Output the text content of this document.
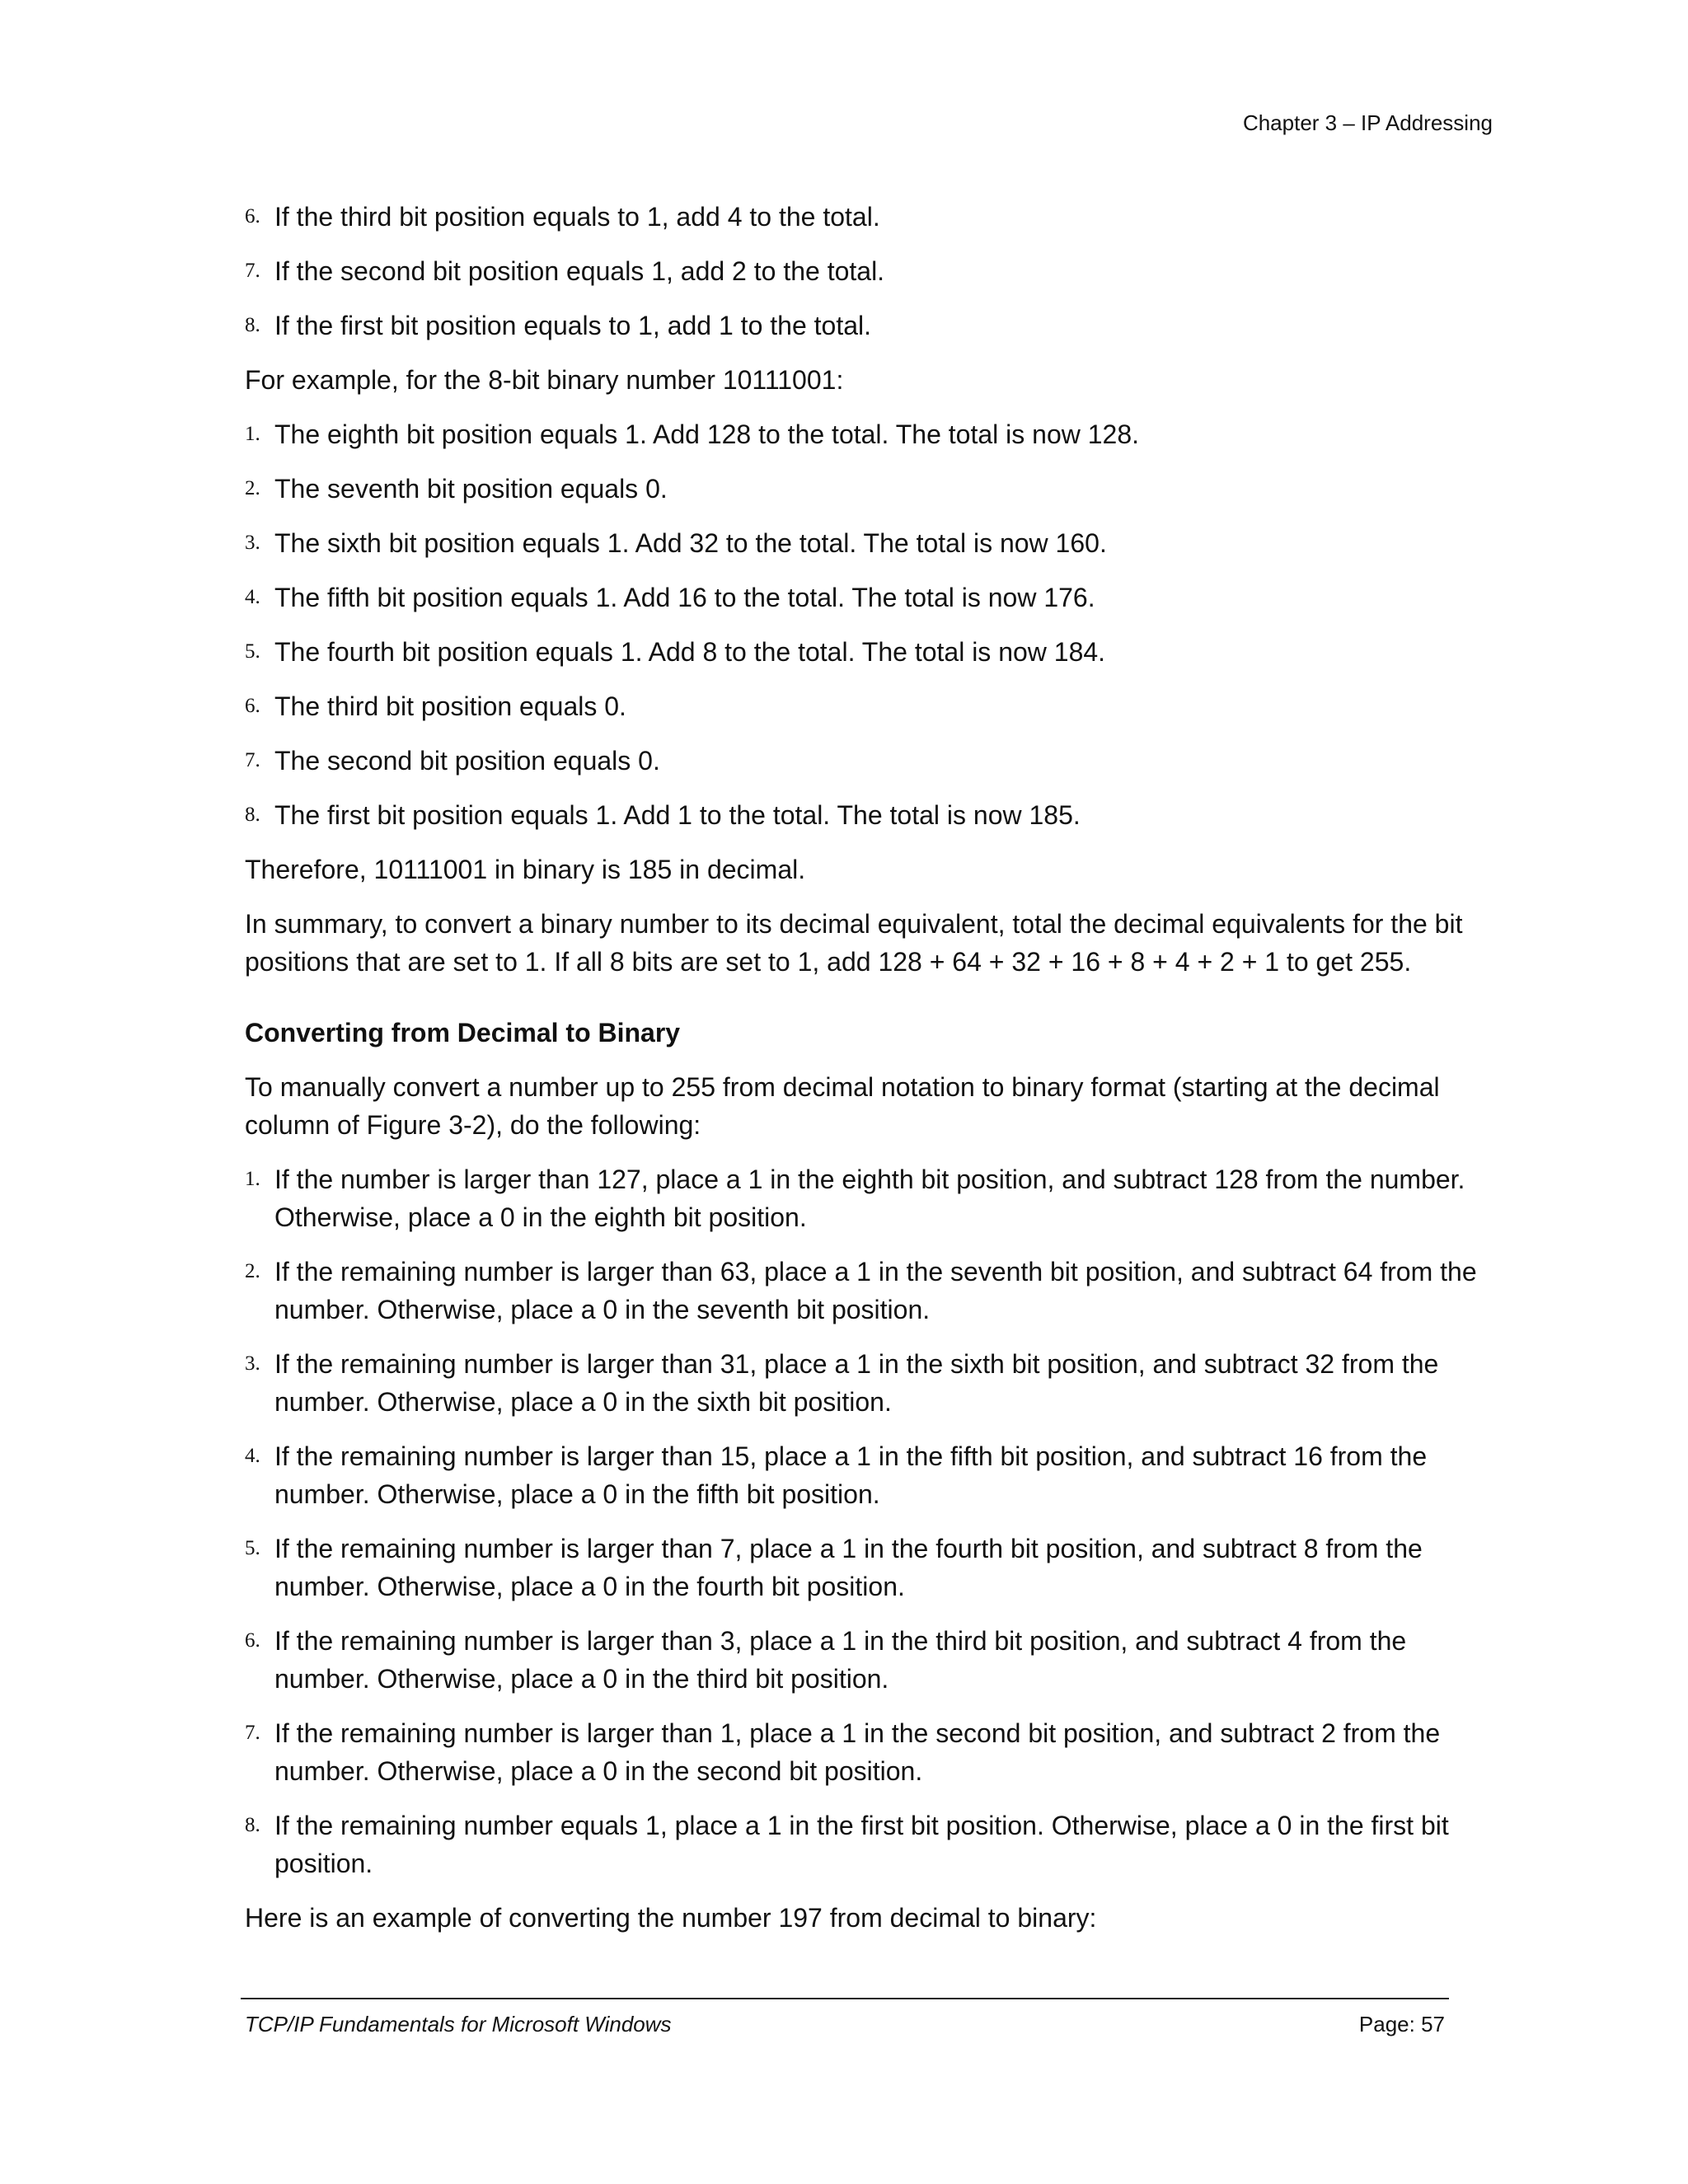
Chapter 3 – IP Addressing
6. If the third bit position equals to 1, add 4 to the total.
7. If the second bit position equals 1, add 2 to the total.
8. If the first bit position equals to 1, add 1 to the total.

For example, for the 8-bit binary number 10111001:

1. The eighth bit position equals 1. Add 128 to the total. The total is now 128.
2. The seventh bit position equals 0.
3. The sixth bit position equals 1. Add 32 to the total. The total is now 160.
4. The fifth bit position equals 1. Add 16 to the total. The total is now 176.
5. The fourth bit position equals 1. Add 8 to the total. The total is now 184.
6. The third bit position equals 0.
7. The second bit position equals 0.
8. The first bit position equals 1. Add 1 to the total. The total is now 185.

Therefore, 10111001 in binary is 185 in decimal.

In summary, to convert a binary number to its decimal equivalent, total the decimal equivalents for the bit positions that are set to 1. If all 8 bits are set to 1, add 128 + 64 + 32 + 16 + 8 + 4 + 2 + 1 to get 255.

Converting from Decimal to Binary

To manually convert a number up to 255 from decimal notation to binary format (starting at the decimal column of Figure 3-2), do the following:

1. If the number is larger than 127, place a 1 in the eighth bit position, and subtract 128 from the number. Otherwise, place a 0 in the eighth bit position.
2. If the remaining number is larger than 63, place a 1 in the seventh bit position, and subtract 64 from the number. Otherwise, place a 0 in the seventh bit position.
3. If the remaining number is larger than 31, place a 1 in the sixth bit position, and subtract 32 from the number. Otherwise, place a 0 in the sixth bit position.
4. If the remaining number is larger than 15, place a 1 in the fifth bit position, and subtract 16 from the number. Otherwise, place a 0 in the fifth bit position.
5. If the remaining number is larger than 7, place a 1 in the fourth bit position, and subtract 8 from the number. Otherwise, place a 0 in the fourth bit position.
6. If the remaining number is larger than 3, place a 1 in the third bit position, and subtract 4 from the number. Otherwise, place a 0 in the third bit position.
7. If the remaining number is larger than 1, place a 1 in the second bit position, and subtract 2 from the number. Otherwise, place a 0 in the second bit position.
8. If the remaining number equals 1, place a 1 in the first bit position. Otherwise, place a 0 in the first bit position.

Here is an example of converting the number 197 from decimal to binary:

TCP/IP Fundamentals for Microsoft Windows	Page: 57
